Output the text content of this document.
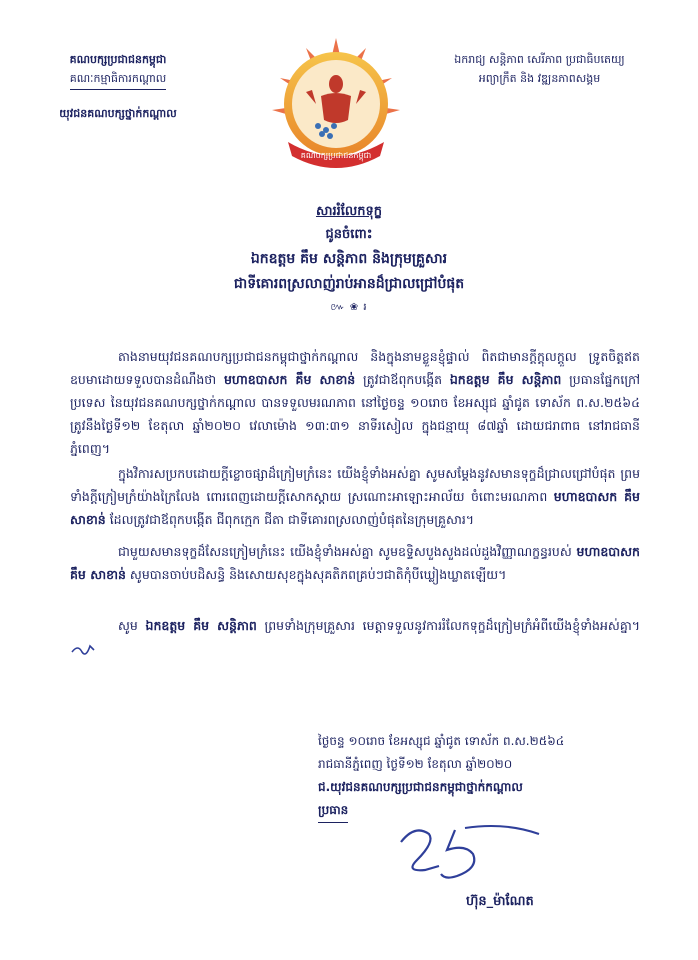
គណបក្សប្រជាជនកម្ពុជា
គណៈកម្មាធិការកណ្ដាល
យុវជនគណបក្សថ្នាក់កណ្ដាល
ឯករាជ្យ សន្តិភាព សេរីភាព ប្រជាធិបតេយ្យ
អព្យាក្រឹត និង វឌ្ឍនភាពសង្គម
គណបក្សប្រជាជនកម្ពុជា
សាររំលែកទុក្ខ
ជូនចំពោះ
ឯកឧត្តម គឹម សន្តិភាព និងក្រុមគ្រួសារ
ជាទីគោរពស្រលាញ់រាប់អានដ៏ជ្រាលជ្រៅបំផុត
៚ ❀ ៛
តាងនាមយុវជនគណបក្សប្រជាជនកម្ពុជាថ្នាក់កណ្តាល និងក្នុងនាមខ្លួនខ្ញុំផ្ទាល់ ពិតជាមានក្ដីក្ដុលក្ដួល ទ្រូតចិត្តឥតឧបមាដោយទទួលបានដំណឹងថា មហាឧបាសក គឹម សាខាន់ ត្រូវជាឪពុកបង្កើត ឯកឧត្តម គឹម សន្តិភាព ប្រធានផ្នែកក្រៅប្រទេស នៃយុវជនគណបក្សថ្នាក់កណ្ដាល បានទទួលមរណភាព នៅថ្ងៃចន្ទ ១០រោច ខែអស្សុជ ឆ្នាំជូត ទោស័ក ព.ស.២៥៦៤ ត្រូវនឹងថ្ងៃទី១២ ខែតុលា ឆ្នាំ២០២០ វេលាម៉ោង ១៣:៣១ នាទីរសៀល ក្នុងជន្មាយុ ៨៧ឆ្នាំ ដោយជរាពាធ នៅរាជធានីភ្នំពេញ។
ក្នុងវិការសប្រកបដោយក្តីខ្លោចផ្សាដ៏ក្រៀមក្រំនេះ យើងខ្ញុំទាំងអស់គ្នា សូមសម្តែងនូវសមានទុក្ខដ៏ជ្រាលជ្រៅបំផុត ព្រមទាំងក្តីក្រៀមក្រំយ៉ាងក្រៃលែង ពោរពេញដោយក្តីសោកស្តាយ ស្រណោះអាឡោះអាល័យ ចំពោះមរណភាព មហាឧបាសក គឹម សាខាន់ ដែលត្រូវជាឪពុកបង្កើត ជីពុកក្មេក ជីតា ជាទីគោរពស្រលាញ់បំផុតនៃក្រុមគ្រួសារ។
ជាមួយសមានទុក្ខដ៏សែនក្រៀមក្រំនេះ យើងខ្ញុំទាំងអស់គ្នា សូមឧទ្ទិសបួងសួងដល់ដួងវិញ្ញាណក្ខន្ធរបស់ មហាឧបាសក គឹម សាខាន់ សូមបានចាប់បដិសន្ធិ និងសោយសុខក្នុងសុគតិភពគ្រប់ៗជាតិកុំបីឃ្លៀងឃ្លាតឡើយ។
សូម ឯកឧត្តម គឹម សន្តិភាព ព្រមទាំងក្រុមគ្រួសារ មេត្តាទទួលនូវការរំលែកទុក្ខដ៏ក្រៀមក្រំអំពីយើងខ្ញុំទាំងអស់គ្នា។
ថ្ងៃចន្ទ ១០រោច ខែអស្សុជ ឆ្នាំជូត ទោស័ក ព.ស.២៥៦៤
រាជធានីភ្នំពេញ ថ្ងៃទី១២ ខែតុលា ឆ្នាំ២០២០
ជ.យុវជនគណបក្សប្រជាជនកម្ពុជាថ្នាក់កណ្ដាល
ប្រធាន
ហ៊ុន_ម៉ាណែត
